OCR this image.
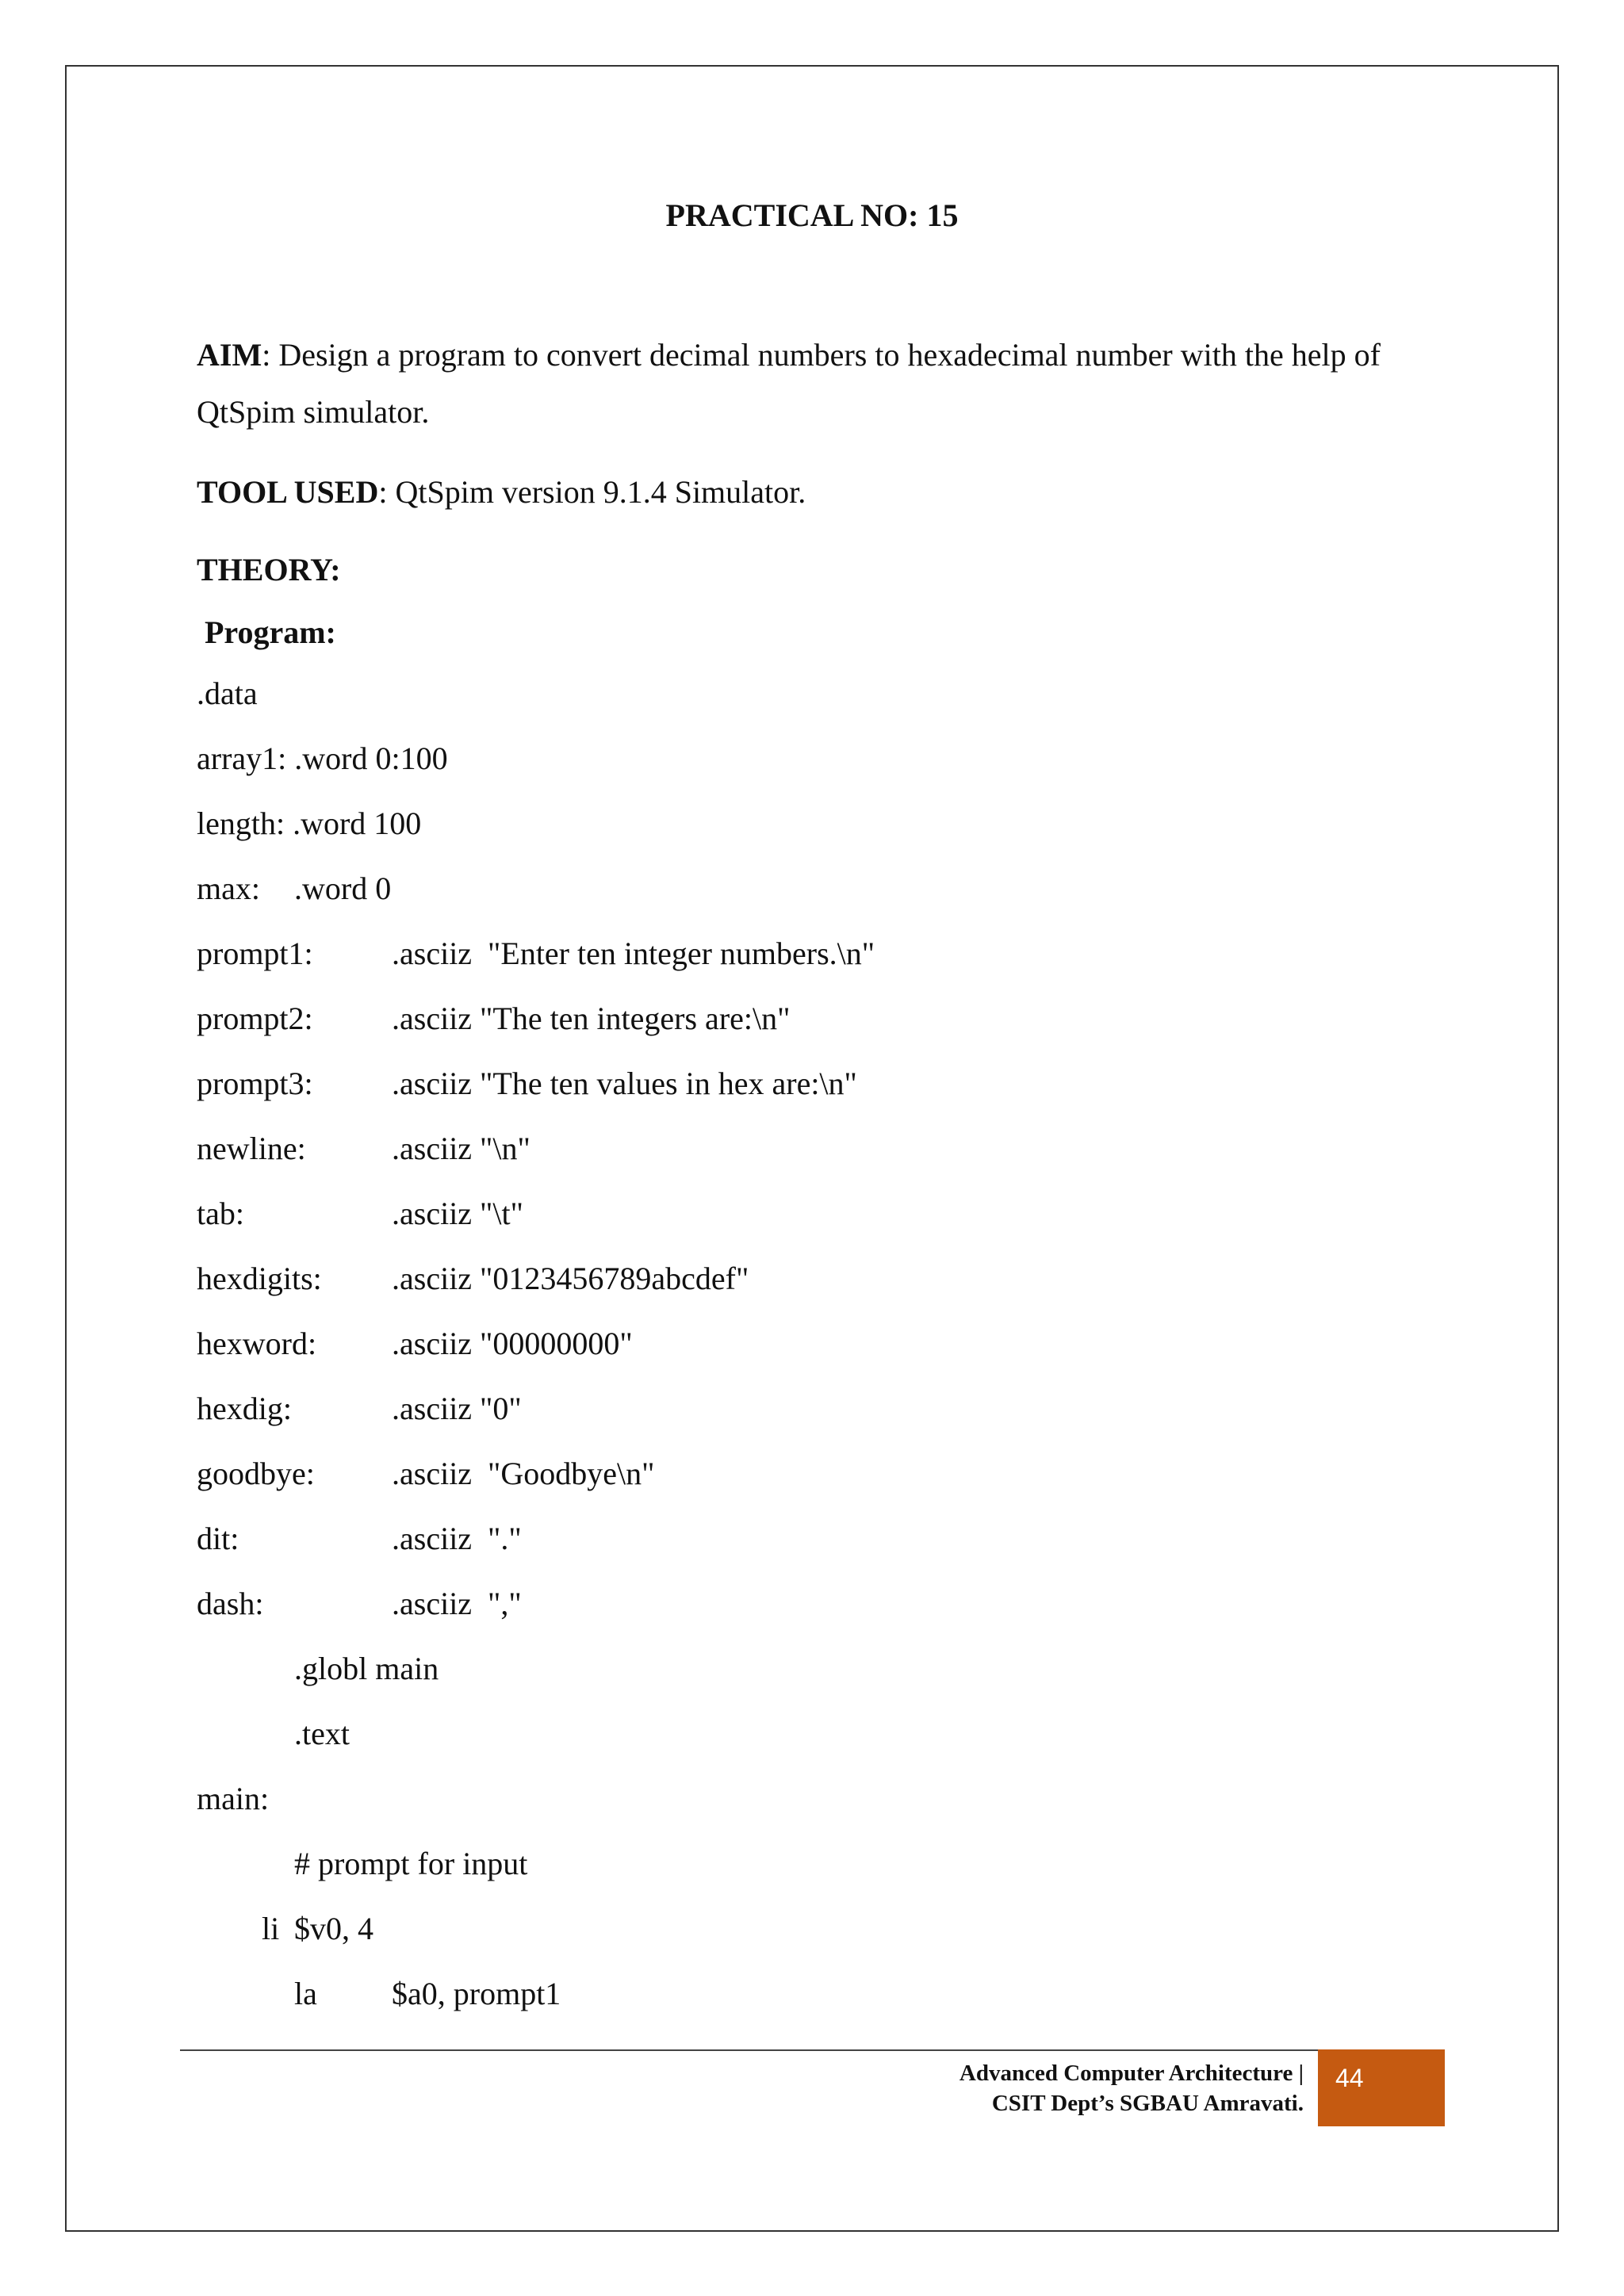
PRACTICAL NO: 15
AIM: Design a program to convert decimal numbers to hexadecimal number with the help of QtSpim simulator.
TOOL USED: QtSpim version 9.1.4 Simulator.
THEORY:
Program:
.data
array1: .word 0:100
length: .word 100
max: .word 0
prompt1: .asciiz  "Enter ten integer numbers.\n"
prompt2: .asciiz "The ten integers are:\n"
prompt3: .asciiz "The ten values in hex are:\n"
newline:	.asciiz "\n"
tab:	.asciiz "\t"
hexdigits: .asciiz "0123456789abcdef"
hexword: .asciiz "00000000"
hexdig:	.asciiz "0"
goodbye: .asciiz  "Goodbye\n"
dit:	.asciiz  "."
dash:	.asciiz  ","
.globl main
.text
main:
# prompt for input
li $v0, 4
la $a0, prompt1
Advanced Computer Architecture |
CSIT Dept’s SGBAU Amravati.
44
